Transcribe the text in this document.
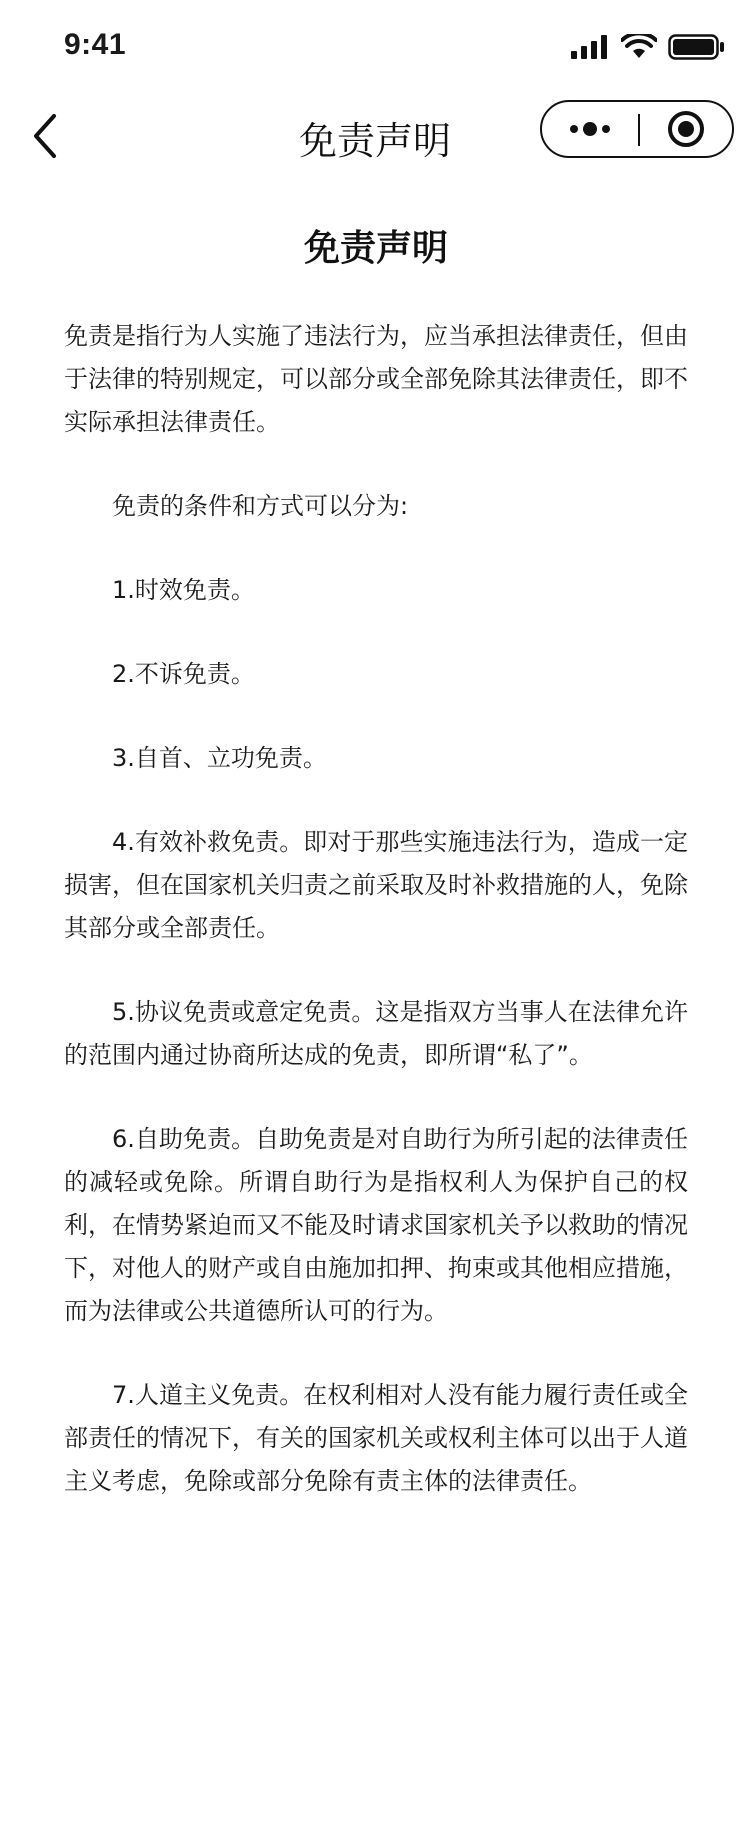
9:41

免责声明
免责声明

免责是指行为人实施了违法行为，应当承担法律责任，但由于法律的特别规定，可以部分或全部免除其法律责任，即不实际承担法律责任。

免责的条件和方式可以分为:

1.时效免责。

2.不诉免责。

3.自首、立功免责。

4.有效补救免责。即对于那些实施违法行为，造成一定损害，但在国家机关归责之前采取及时补救措施的人，免除其部分或全部责任。

5.协议免责或意定免责。这是指双方当事人在法律允许的范围内通过协商所达成的免责，即所谓“私了”。

6.自助免责。自助免责是对自助行为所引起的法律责任的减轻或免除。所谓自助行为是指权利人为保护自己的权利，在情势紧迫而又不能及时请求国家机关予以救助的情况下，对他人的财产或自由施加扣押、拘束或其他相应措施，而为法律或公共道德所认可的行为。

7.人道主义免责。在权利相对人没有能力履行责任或全部责任的情况下，有关的国家机关或权利主体可以出于人道主义考虑，免除或部分免除有责主体的法律责任。
